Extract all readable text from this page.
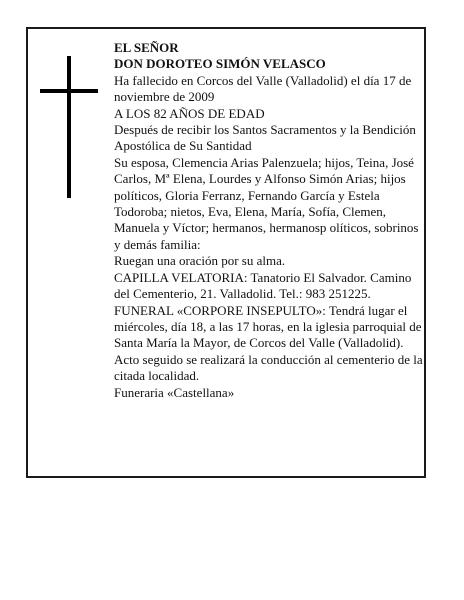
EL SEÑOR

DON DOROTEO SIMÓN VELASCO

Ha fallecido en Corcos del Valle (Valladolid) el día 17 de noviembre de 2009

A LOS 82 AÑOS DE EDAD

Después de recibir los Santos Sacramentos y la Bendición Apostólica de Su Santidad

Su esposa, Clemencia Arias Palenzuela; hijos, Teina, José Carlos, Mª Elena, Lourdes y Alfonso Simón Arias; hijos políticos, Gloria Ferranz, Fernando García y Estela Todoroba; nietos, Eva, Elena, María, Sofía, Clemen, Manuela y Víctor; hermanos, hermanosp olíticos, sobrinos y demás familia:

Ruegan una oración por su alma.

CAPILLA VELATORIA: Tanatorio El Salvador. Camino del Cementerio, 21. Valladolid. Tel.: 983 251225.

FUNERAL «CORPORE INSEPULTO»: Tendrá lugar el miércoles, día 18, a las 17 horas, en la iglesia parroquial de Santa María la Mayor, de Corcos del Valle (Valladolid). Acto seguido se realizará la conducción al cementerio de la citada localidad.

Funeraria «Castellana»
